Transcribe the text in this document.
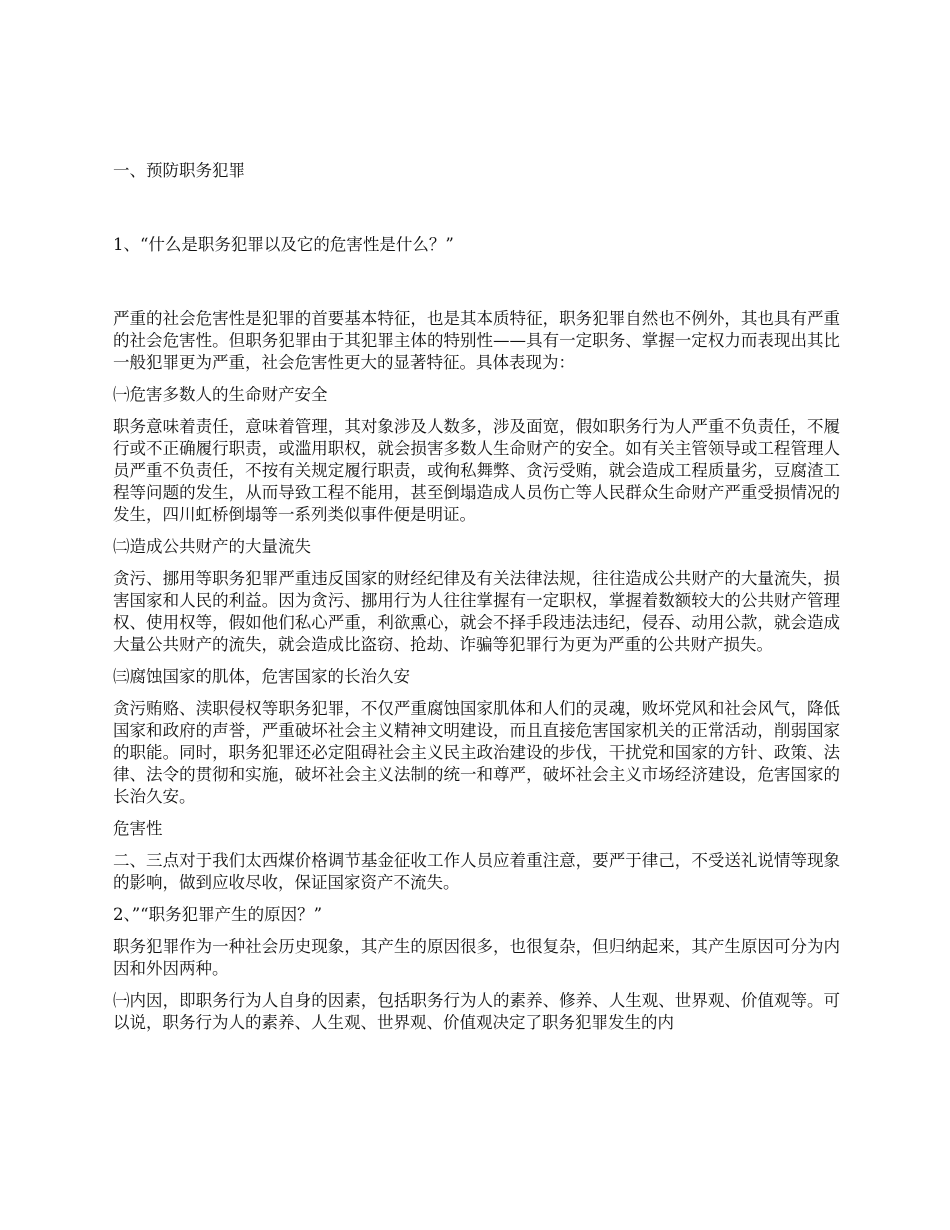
一、预防职务犯罪

1、“什么是职务犯罪以及它的危害性是什么？”

严重的社会危害性是犯罪的首要基本特征，也是其本质特征，职务犯罪自然也不例外，其也具有严重的社会危害性。但职务犯罪由于其犯罪主体的特别性——具有一定职务、掌握一定权力而表现出其比一般犯罪更为严重，社会危害性更大的显著特征。具体表现为：

㈠危害多数人的生命财产安全

职务意味着责任，意味着管理，其对象涉及人数多，涉及面宽，假如职务行为人严重不负责任，不履行或不正确履行职责，或滥用职权，就会损害多数人生命财产的安全。如有关主管领导或工程管理人员严重不负责任，不按有关规定履行职责，或徇私舞弊、贪污受贿，就会造成工程质量劣，豆腐渣工程等问题的发生，从而导致工程不能用，甚至倒塌造成人员伤亡等人民群众生命财产严重受损情况的发生，四川虹桥倒塌等一系列类似事件便是明证。

㈡造成公共财产的大量流失

贪污、挪用等职务犯罪严重违反国家的财经纪律及有关法律法规，往往造成公共财产的大量流失，损害国家和人民的利益。因为贪污、挪用行为人往往掌握有一定职权，掌握着数额较大的公共财产管理权、使用权等，假如他们私心严重，利欲熏心，就会不择手段违法违纪，侵吞、动用公款，就会造成大量公共财产的流失，就会造成比盗窃、抢劫、诈骗等犯罪行为更为严重的公共财产损失。

㈢腐蚀国家的肌体，危害国家的长治久安

贪污贿赂、渎职侵权等职务犯罪，不仅严重腐蚀国家肌体和人们的灵魂，败坏党风和社会风气，降低国家和政府的声誉，严重破坏社会主义精神文明建设，而且直接危害国家机关的正常活动，削弱国家的职能。同时，职务犯罪还必定阻碍社会主义民主政治建设的步伐，干扰党和国家的方针、政策、法律、法令的贯彻和实施，破坏社会主义法制的统一和尊严，破坏社会主义市场经济建设，危害国家的长治久安。

危害性

二、三点对于我们太西煤价格调节基金征收工作人员应着重注意，要严于律己，不受送礼说情等现象的影响，做到应收尽收，保证国家资产不流失。

2、”“职务犯罪产生的原因？”

职务犯罪作为一种社会历史现象，其产生的原因很多，也很复杂，但归纳起来，其产生原因可分为内因和外因两种。

㈠内因，即职务行为人自身的因素，包括职务行为人的素养、修养、人生观、世界观、价值观等。可以说，职务行为人的素养、人生观、世界观、价值观决定了职务犯罪发生的内
